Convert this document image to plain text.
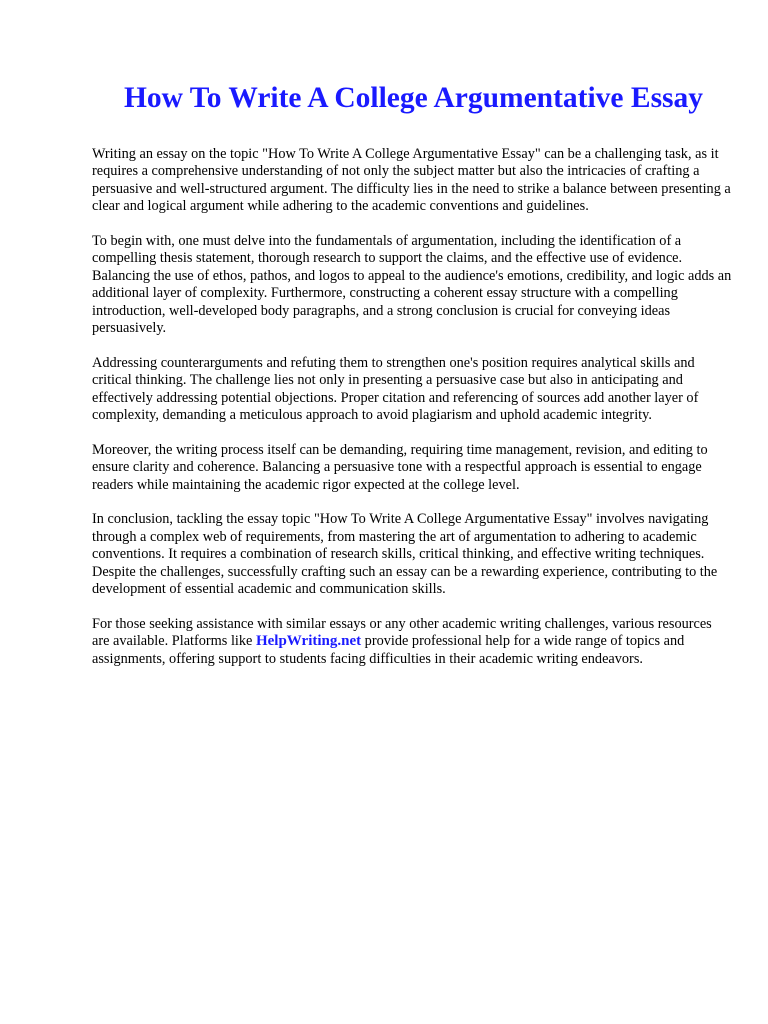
How To Write A College Argumentative Essay

Writing an essay on the topic "How To Write A College Argumentative Essay" can be a challenging task, as it requires a comprehensive understanding of not only the subject matter but also the intricacies of crafting a persuasive and well-structured argument. The difficulty lies in the need to strike a balance between presenting a clear and logical argument while adhering to the academic conventions and guidelines.

To begin with, one must delve into the fundamentals of argumentation, including the identification of a compelling thesis statement, thorough research to support the claims, and the effective use of evidence. Balancing the use of ethos, pathos, and logos to appeal to the audience's emotions, credibility, and logic adds an additional layer of complexity. Furthermore, constructing a coherent essay structure with a compelling introduction, well-developed body paragraphs, and a strong conclusion is crucial for conveying ideas persuasively.

Addressing counterarguments and refuting them to strengthen one's position requires analytical skills and critical thinking. The challenge lies not only in presenting a persuasive case but also in anticipating and effectively addressing potential objections. Proper citation and referencing of sources add another layer of complexity, demanding a meticulous approach to avoid plagiarism and uphold academic integrity.

Moreover, the writing process itself can be demanding, requiring time management, revision, and editing to ensure clarity and coherence. Balancing a persuasive tone with a respectful approach is essential to engage readers while maintaining the academic rigor expected at the college level.

In conclusion, tackling the essay topic "How To Write A College Argumentative Essay" involves navigating through a complex web of requirements, from mastering the art of argumentation to adhering to academic conventions. It requires a combination of research skills, critical thinking, and effective writing techniques. Despite the challenges, successfully crafting such an essay can be a rewarding experience, contributing to the development of essential academic and communication skills.

For those seeking assistance with similar essays or any other academic writing challenges, various resources are available. Platforms like HelpWriting.net provide professional help for a wide range of topics and assignments, offering support to students facing difficulties in their academic writing endeavors.
